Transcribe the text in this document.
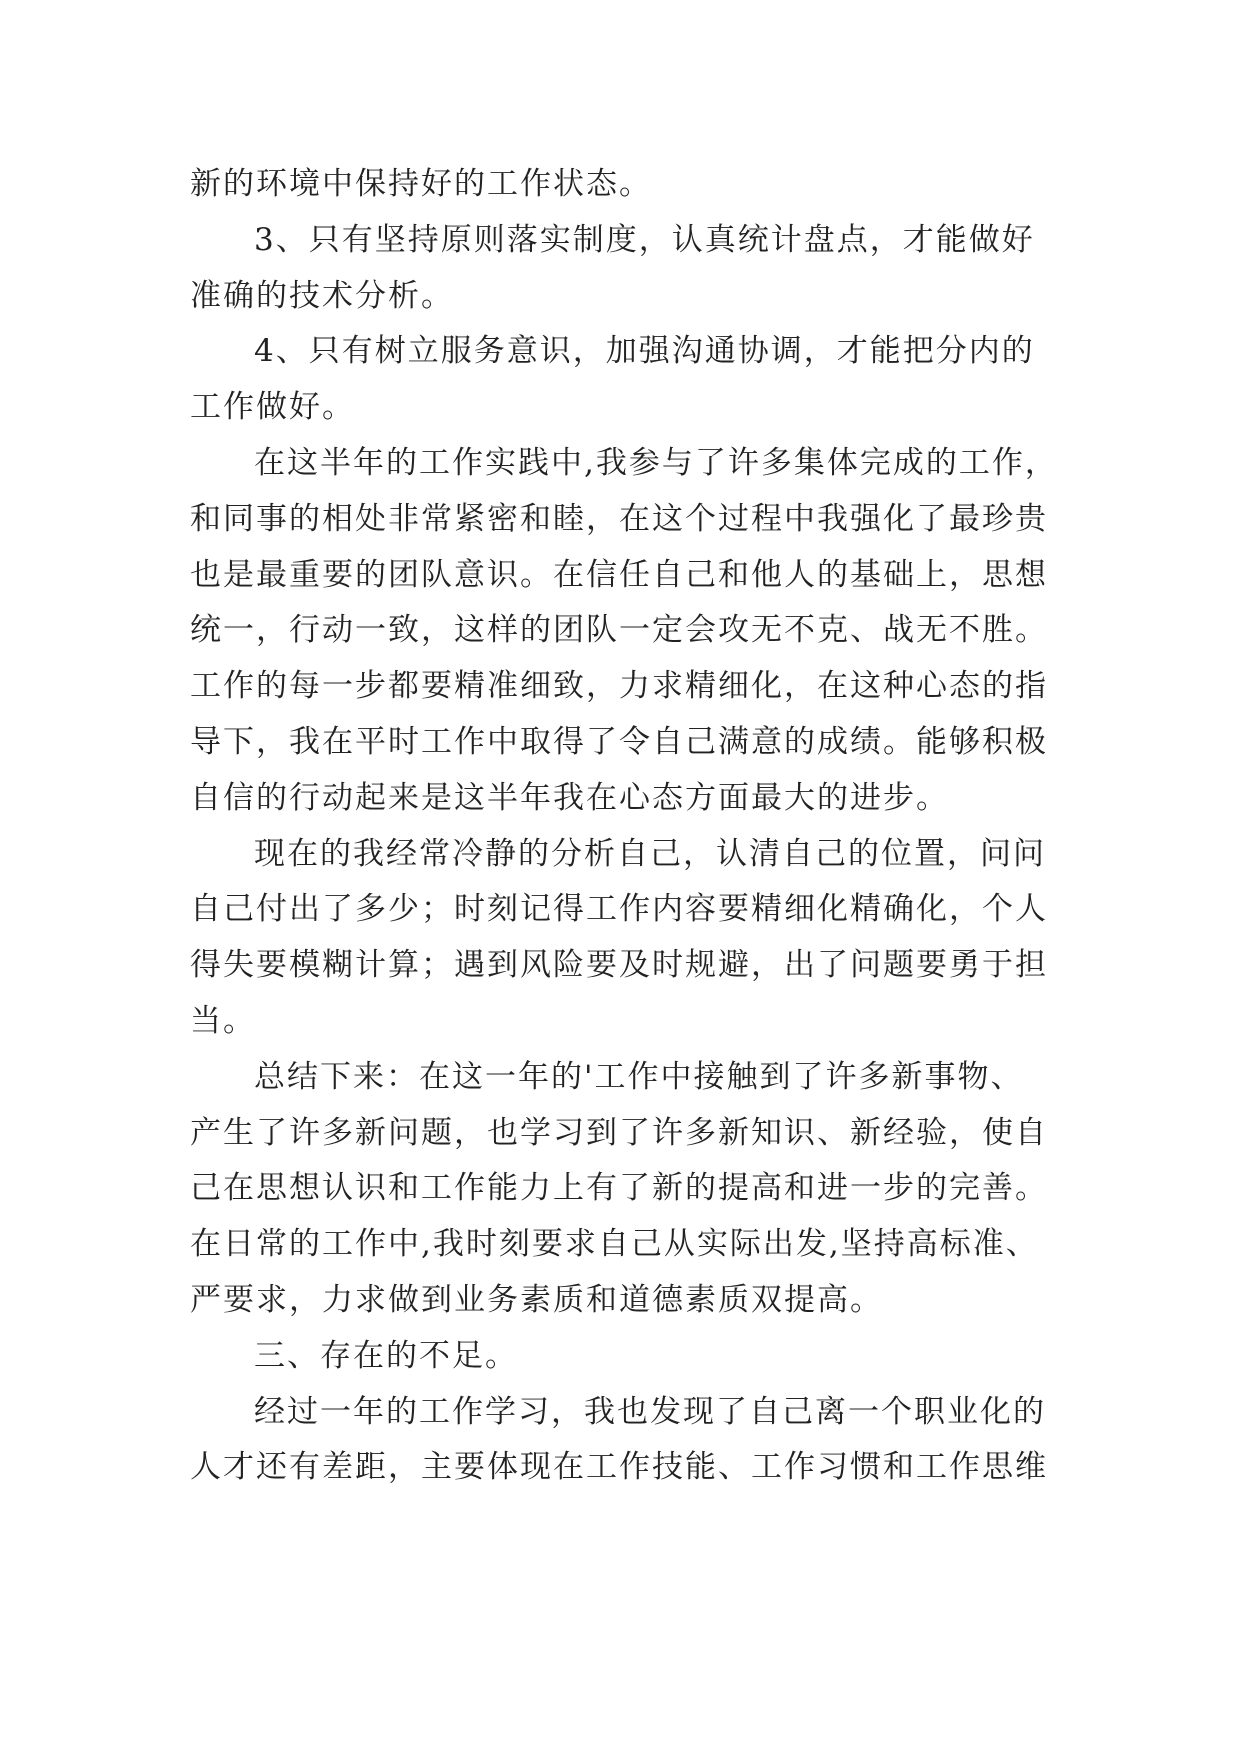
新的环境中保持好的工作状态。
3、只有坚持原则落实制度，认真统计盘点，才能做好
准确的技术分析。
4、只有树立服务意识，加强沟通协调，才能把分内的
工作做好。
在这半年的工作实践中,我参与了许多集体完成的工作，
和同事的相处非常紧密和睦，在这个过程中我强化了最珍贵
也是最重要的团队意识。在信任自己和他人的基础上，思想
统一，行动一致，这样的团队一定会攻无不克、战无不胜。
工作的每一步都要精准细致，力求精细化，在这种心态的指
导下，我在平时工作中取得了令自己满意的成绩。能够积极
自信的行动起来是这半年我在心态方面最大的进步。
现在的我经常冷静的分析自己，认清自己的位置，问问
自己付出了多少；时刻记得工作内容要精细化精确化，个人
得失要模糊计算；遇到风险要及时规避，出了问题要勇于担
当。
总结下来：在这一年的'工作中接触到了许多新事物、
产生了许多新问题，也学习到了许多新知识、新经验，使自
己在思想认识和工作能力上有了新的提高和进一步的完善。
在日常的工作中,我时刻要求自己从实际出发,坚持高标准、
严要求，力求做到业务素质和道德素质双提高。
三、存在的不足。
经过一年的工作学习，我也发现了自己离一个职业化的
人才还有差距，主要体现在工作技能、工作习惯和工作思维
